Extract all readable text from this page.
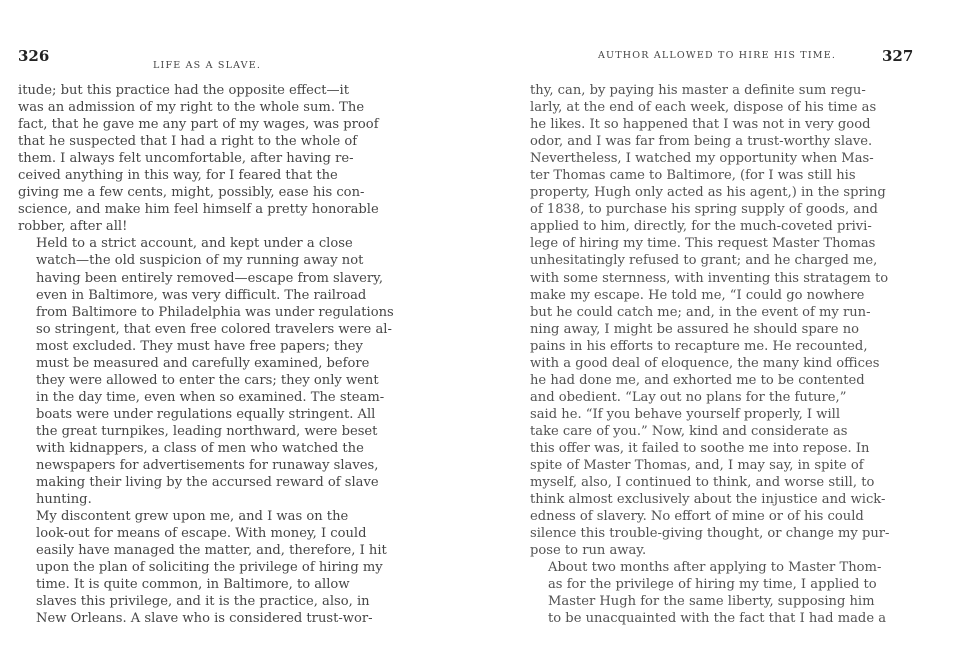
326
LIFE AS A SLAVE.

itude; but this practice had the opposite effect—it
was an admission of my right to the whole sum. The
fact, that he gave me any part of my wages, was proof
that he suspected that I had a right to the whole of
them. I always felt uncomfortable, after having re-
ceived anything in this way, for I feared that the
giving me a few cents, might, possibly, ease his con-
science, and make him feel himself a pretty honorable
robber, after all!

Held to a strict account, and kept under a close
watch—the old suspicion of my running away not
having been entirely removed—escape from slavery,
even in Baltimore, was very difficult. The railroad
from Baltimore to Philadelphia was under regulations
so stringent, that even free colored travelers were al-
most excluded. They must have free papers; they
must be measured and carefully examined, before
they were allowed to enter the cars; they only went
in the day time, even when so examined. The steam-
boats were under regulations equally stringent. All
the great turnpikes, leading northward, were beset
with kidnappers, a class of men who watched the
newspapers for advertisements for runaway slaves,
making their living by the accursed reward of slave
hunting.

My discontent grew upon me, and I was on the
look-out for means of escape. With money, I could
easily have managed the matter, and, therefore, I hit
upon the plan of soliciting the privilege of hiring my
time. It is quite common, in Baltimore, to allow
slaves this privilege, and it is the practice, also, in
New Orleans. A slave who is considered trust-wor-

AUTHOR ALLOWED TO HIRE HIS TIME.	327

thy, can, by paying his master a definite sum regu-
larly, at the end of each week, dispose of his time as
he likes. It so happened that I was not in very good
odor, and I was far from being a trust-worthy slave.
Nevertheless, I watched my opportunity when Mas-
ter Thomas came to Baltimore, (for I was still his
property, Hugh only acted as his agent,) in the spring
of 1838, to purchase his spring supply of goods, and
applied to him, directly, for the much-coveted privi-
lege of hiring my time. This request Master Thomas
unhesitatingly refused to grant; and he charged me,
with some sternness, with inventing this stratagem to
make my escape. He told me, “I could go nowhere
but he could catch me; and, in the event of my run-
ning away, I might be assured he should spare no
pains in his efforts to recapture me. He recounted,
with a good deal of eloquence, the many kind offices
he had done me, and exhorted me to be contented
and obedient. “Lay out no plans for the future,”
said he. “If you behave yourself properly, I will
take care of you.” Now, kind and considerate as
this offer was, it failed to soothe me into repose. In
spite of Master Thomas, and, I may say, in spite of
myself, also, I continued to think, and worse still, to
think almost exclusively about the injustice and wick-
edness of slavery. No effort of mine or of his could
silence this trouble-giving thought, or change my pur-
pose to run away.

About two months after applying to Master Thom-
as for the privilege of hiring my time, I applied to
Master Hugh for the same liberty, supposing him
to be unacquainted with the fact that I had made a
